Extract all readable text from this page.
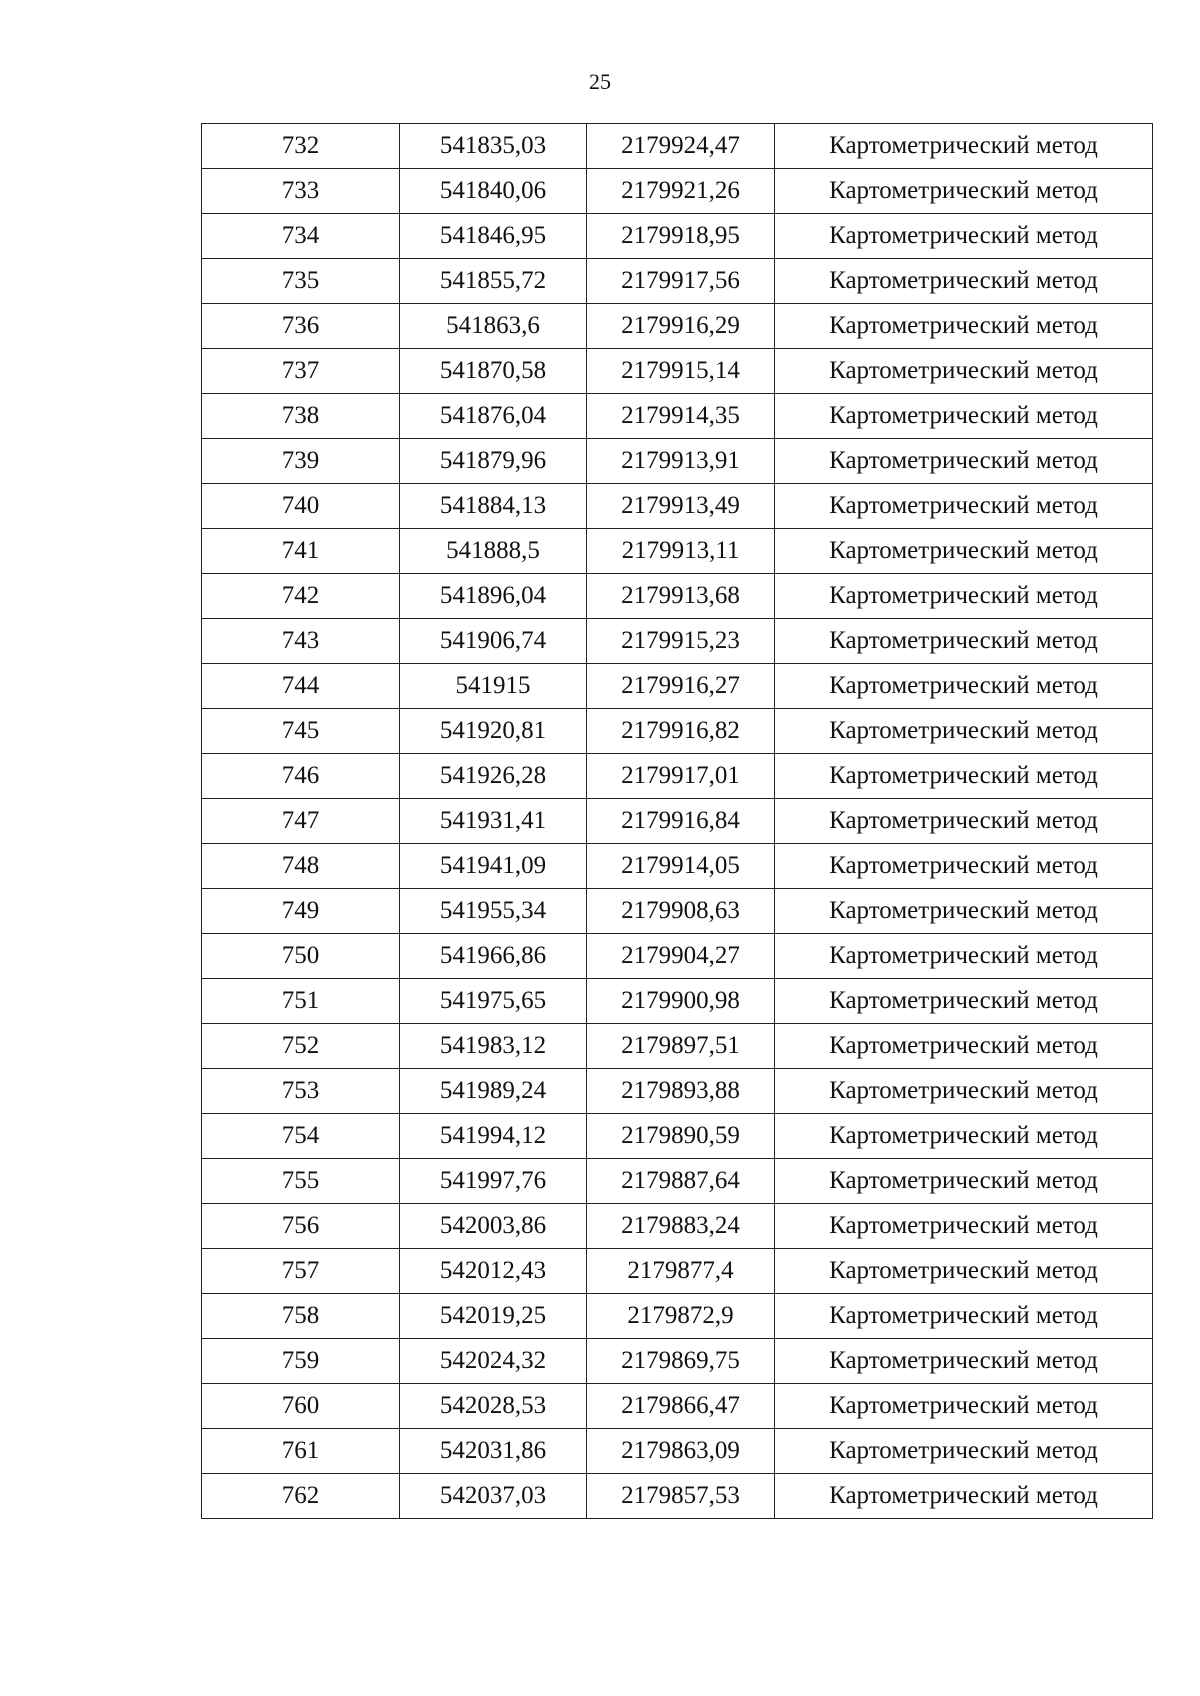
25
732	541835,03	2179924,47	Картометрический метод
733	541840,06	2179921,26	Картометрический метод
734	541846,95	2179918,95	Картометрический метод
735	541855,72	2179917,56	Картометрический метод
736	541863,6	2179916,29	Картометрический метод
737	541870,58	2179915,14	Картометрический метод
738	541876,04	2179914,35	Картометрический метод
739	541879,96	2179913,91	Картометрический метод
740	541884,13	2179913,49	Картометрический метод
741	541888,5	2179913,11	Картометрический метод
742	541896,04	2179913,68	Картометрический метод
743	541906,74	2179915,23	Картометрический метод
744	541915	2179916,27	Картометрический метод
745	541920,81	2179916,82	Картометрический метод
746	541926,28	2179917,01	Картометрический метод
747	541931,41	2179916,84	Картометрический метод
748	541941,09	2179914,05	Картометрический метод
749	541955,34	2179908,63	Картометрический метод
750	541966,86	2179904,27	Картометрический метод
751	541975,65	2179900,98	Картометрический метод
752	541983,12	2179897,51	Картометрический метод
753	541989,24	2179893,88	Картометрический метод
754	541994,12	2179890,59	Картометрический метод
755	541997,76	2179887,64	Картометрический метод
756	542003,86	2179883,24	Картометрический метод
757	542012,43	2179877,4	Картометрический метод
758	542019,25	2179872,9	Картометрический метод
759	542024,32	2179869,75	Картометрический метод
760	542028,53	2179866,47	Картометрический метод
761	542031,86	2179863,09	Картометрический метод
762	542037,03	2179857,53	Картометрический метод
